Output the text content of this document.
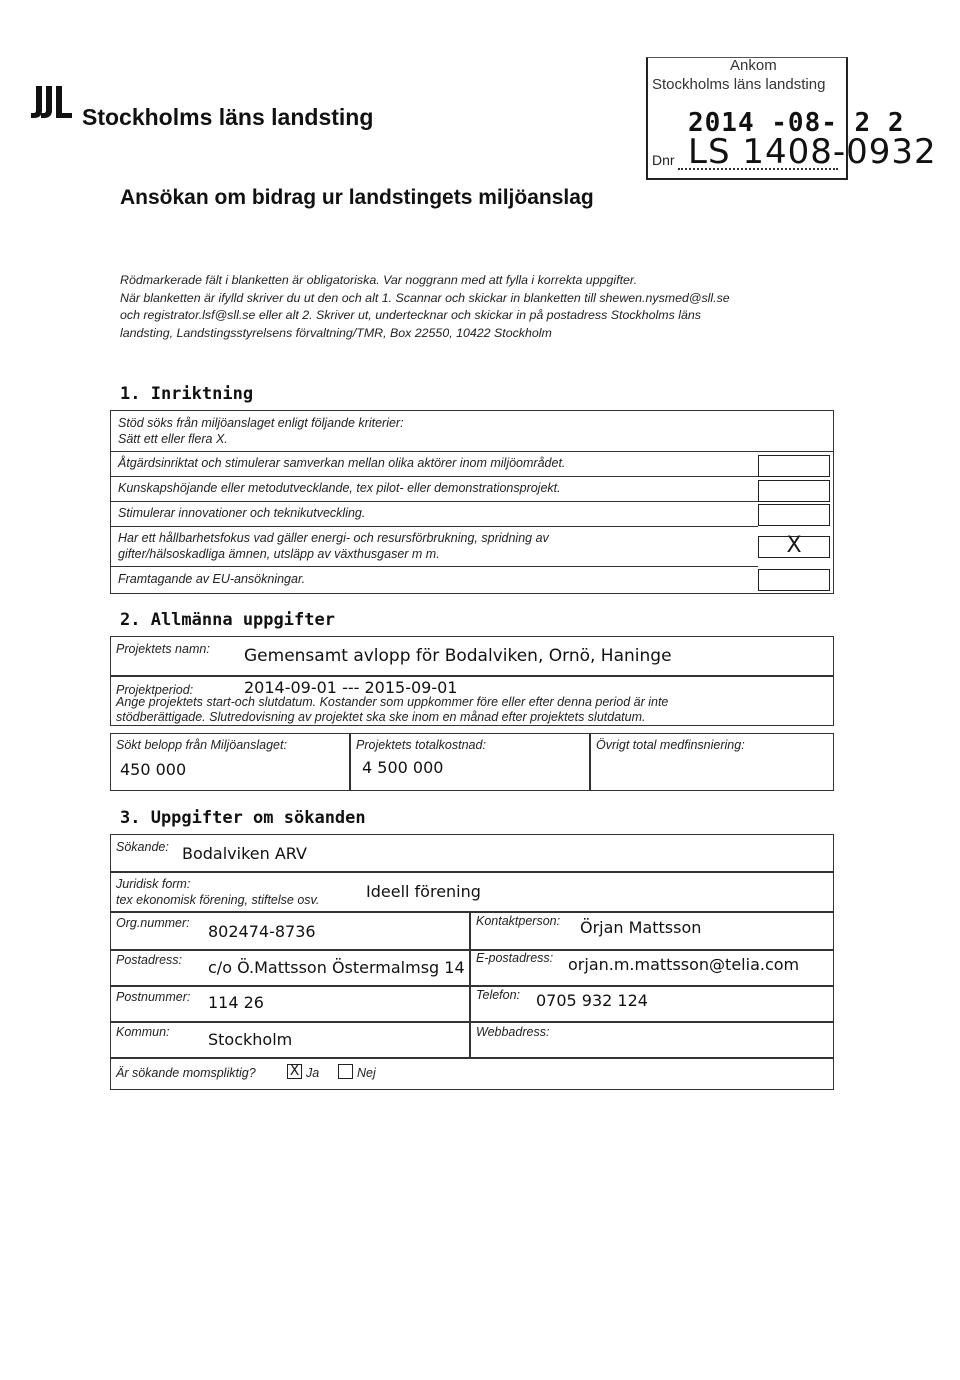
Stockholms läns landsting
Ankom
Stockholms läns landsting
2014 -08- 2 2
Dnr LS 1408-0932
Ansökan om bidrag ur landstingets miljöanslag

Rödmarkerade fält i blanketten är obligatoriska. Var noggrann med att fylla i korrekta uppgifter.

När blanketten är ifylld skriver du ut den och alt 1. Scannar och skickar in blanketten till shewen.nysmed@sll.se

och registrator.lsf@sll.se eller alt 2. Skriver ut, undertecknar och skickar in på postadress Stockholms läns

landsting, Landstingsstyrelsens förvaltning/TMR, Box 22550, 10422 Stockholm

1. Inriktning
Stöd söks från miljöanslaget enligt följande kriterier:
Sätt ett eller flera X.
Åtgärdsinriktat och stimulerar samverkan mellan olika aktörer inom miljöområdet.
Kunskapshöjande eller metodutvecklande, tex pilot- eller demonstrationsprojekt.
Stimulerar innovationer och teknikutveckling.
Har ett hållbarhetsfokus vad gäller energi- och resursförbrukning, spridning av
gifter/hälsoskadliga ämnen, utsläpp av växthusgaser m m.	X
Framtagande av EU-ansökningar.
2. Allmänna uppgifter
Projektets namn: Gemensamt avlopp för Bodalviken, Ornö, Haninge
Projektperiod:	2014-09-01 --- 2015-09-01
Ange projektets start-och slutdatum. Kostander som uppkommer före eller efter denna period är inte
stödberättigade. Slutredovisning av projektet ska ske inom en månad efter projektets slutdatum.
Sökt belopp från Miljöanslaget:
450 000
Projektets totalkostnad:
4 500 000
Övrigt total medfinsniering:
3. Uppgifter om sökanden
Sökande: Bodalviken ARV
Juridisk form:
tex ekonomisk förening, stiftelse osv.	Ideell förening
Org.nummer: 802474-8736
Kontaktperson: Örjan Mattsson
Postadress: c/o Ö.Mattsson Östermalmsg 14 E-postadress: orjan.m.mattsson@telia.com
Postnummer: 114 26	Telefon: 0705 932 124
Kommun: Stockholm	Webbadress:
Är sökande momspliktig? X Ja	Nej
